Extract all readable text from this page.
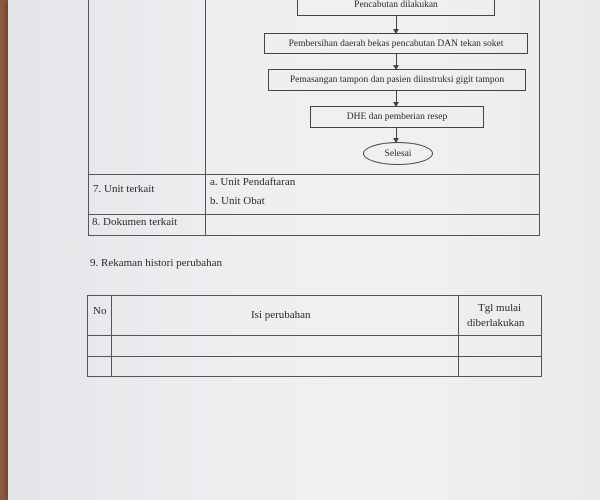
Pencabutan dilakukan
Pembersihan daerah bekas pencabutan DAN tekan soket
Pemasangan tampon dan pasien diinstruksi gigit tampon
DHE dan pemberian resep
Selesai
7. Unit terkait
a. Unit Pendaftaran
b. Unit Obat
8. Dokumen terkait
9. Rekaman histori perubahan
No	Isi perubahan
Tgl mulai
diberlakukan
